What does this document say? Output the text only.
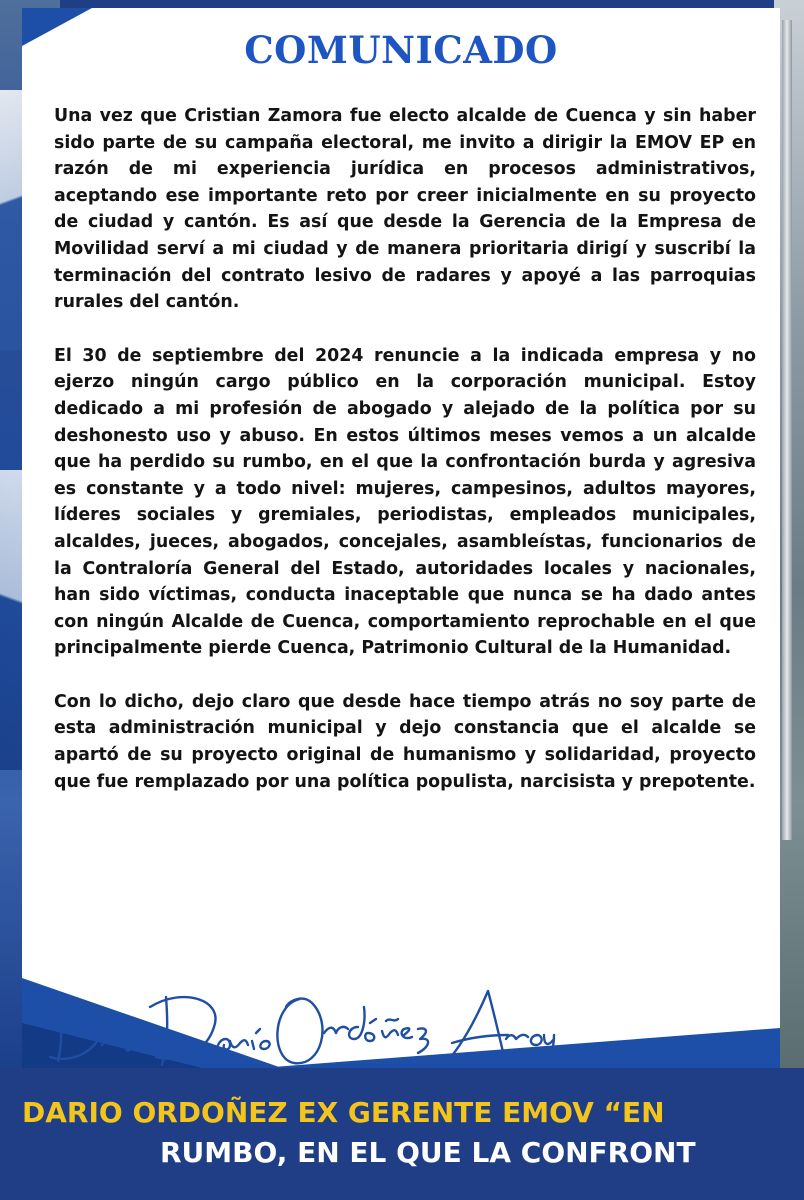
COMUNICADO

Una vez que Cristian Zamora fue electo alcalde de Cuenca y sin haber sido parte de su campaña electoral, me invito a dirigir la EMOV EP en razón de mi experiencia jurídica en procesos administrativos, aceptando ese importante reto por creer inicialmente en su proyecto de ciudad y cantón. Es así que desde la Gerencia de la Empresa de Movilidad serví a mi ciudad y de manera prioritaria dirigí y suscribí la terminación del contrato lesivo de radares y apoyé a las parroquias rurales del cantón.

El 30 de septiembre del 2024 renuncie a la indicada empresa y no ejerzo ningún cargo público en la corporación municipal. Estoy dedicado a mi profesión de abogado y alejado de la política por su deshonesto uso y abuso. En estos últimos meses vemos a un alcalde que ha perdido su rumbo, en el que la confrontación burda y agresiva es constante y a todo nivel: mujeres, campesinos, adultos mayores, líderes sociales y gremiales, periodistas, empleados municipales, alcaldes, jueces, abogados, concejales, asambleístas, funcionarios de la Contraloría General del Estado, autoridades locales y nacionales, han sido víctimas, conducta inaceptable que nunca se ha dado antes con ningún Alcalde de Cuenca, comportamiento reprochable en el que principalmente pierde Cuenca, Patrimonio Cultural de la Humanidad.

Con lo dicho, dejo claro que desde hace tiempo atrás no soy parte de esta administración municipal y dejo constancia que el alcalde se apartó de su proyecto original de humanismo y solidaridad, proyecto que fue remplazado por una política populista, narcisista y prepotente.

DARIO ORDOÑEZ EX GERENTE EMOV “EN
RUMBO, EN EL QUE LA CONFRONT
